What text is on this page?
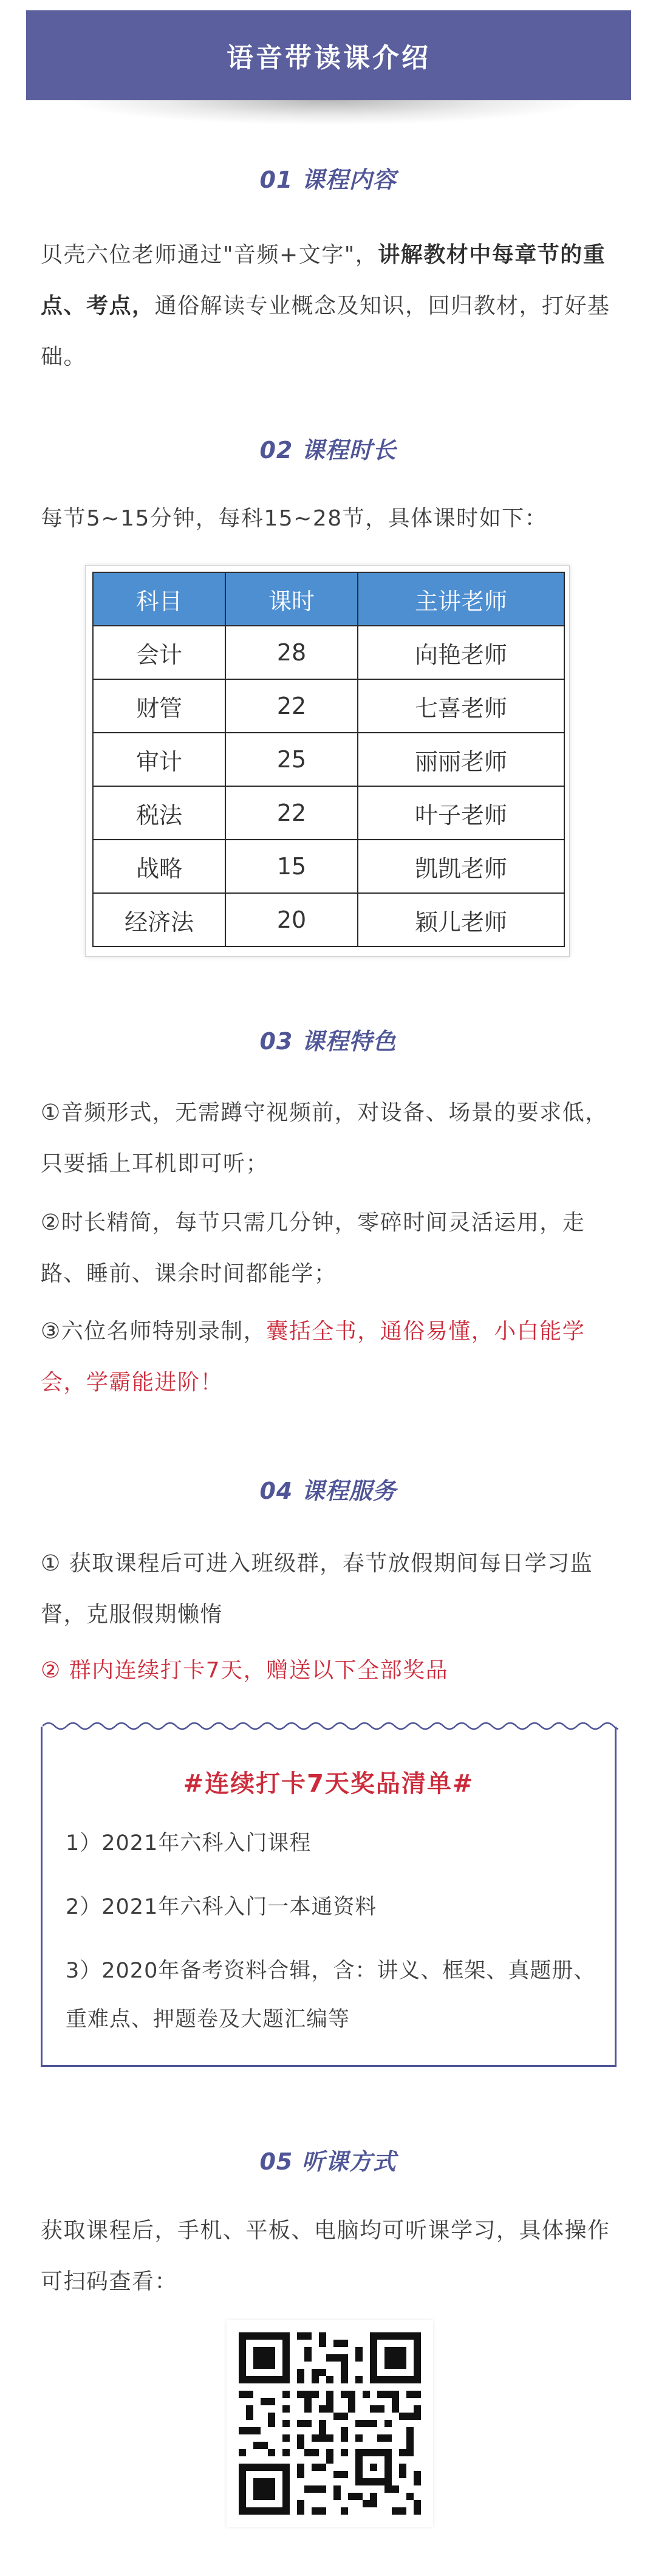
语音带读课介绍
01 课程内容
贝壳六位老师通过"音频+文字"，讲解教材中每章节的重点、考点，通俗解读专业概念及知识，回归教材，打好基础。
02 课程时长
每节5~15分钟，每科15~28节，具体课时如下：
科目	课时	主讲老师
会计	28	向艳老师
财管	22	七喜老师
审计	25	丽丽老师
税法	22	叶子老师
战略	15	凯凯老师
经济法	20	颖儿老师
03 课程特色
①音频形式，无需蹲守视频前，对设备、场景的要求低，只要插上耳机即可听；
②时长精简，每节只需几分钟，零碎时间灵活运用，走路、睡前、课余时间都能学；
③六位名师特别录制，囊括全书，通俗易懂，小白能学会，学霸能进阶！
04 课程服务
① 获取课程后可进入班级群，春节放假期间每日学习监督，克服假期懒惰
② 群内连续打卡7天，赠送以下全部奖品
#连续打卡7天奖品清单#
1）2021年六科入门课程
2）2021年六科入门一本通资料
3）2020年备考资料合辑，含：讲义、框架、真题册、重难点、押题卷及大题汇编等
05 听课方式
获取课程后，手机、平板、电脑均可听课学习，具体操作可扫码查看：
